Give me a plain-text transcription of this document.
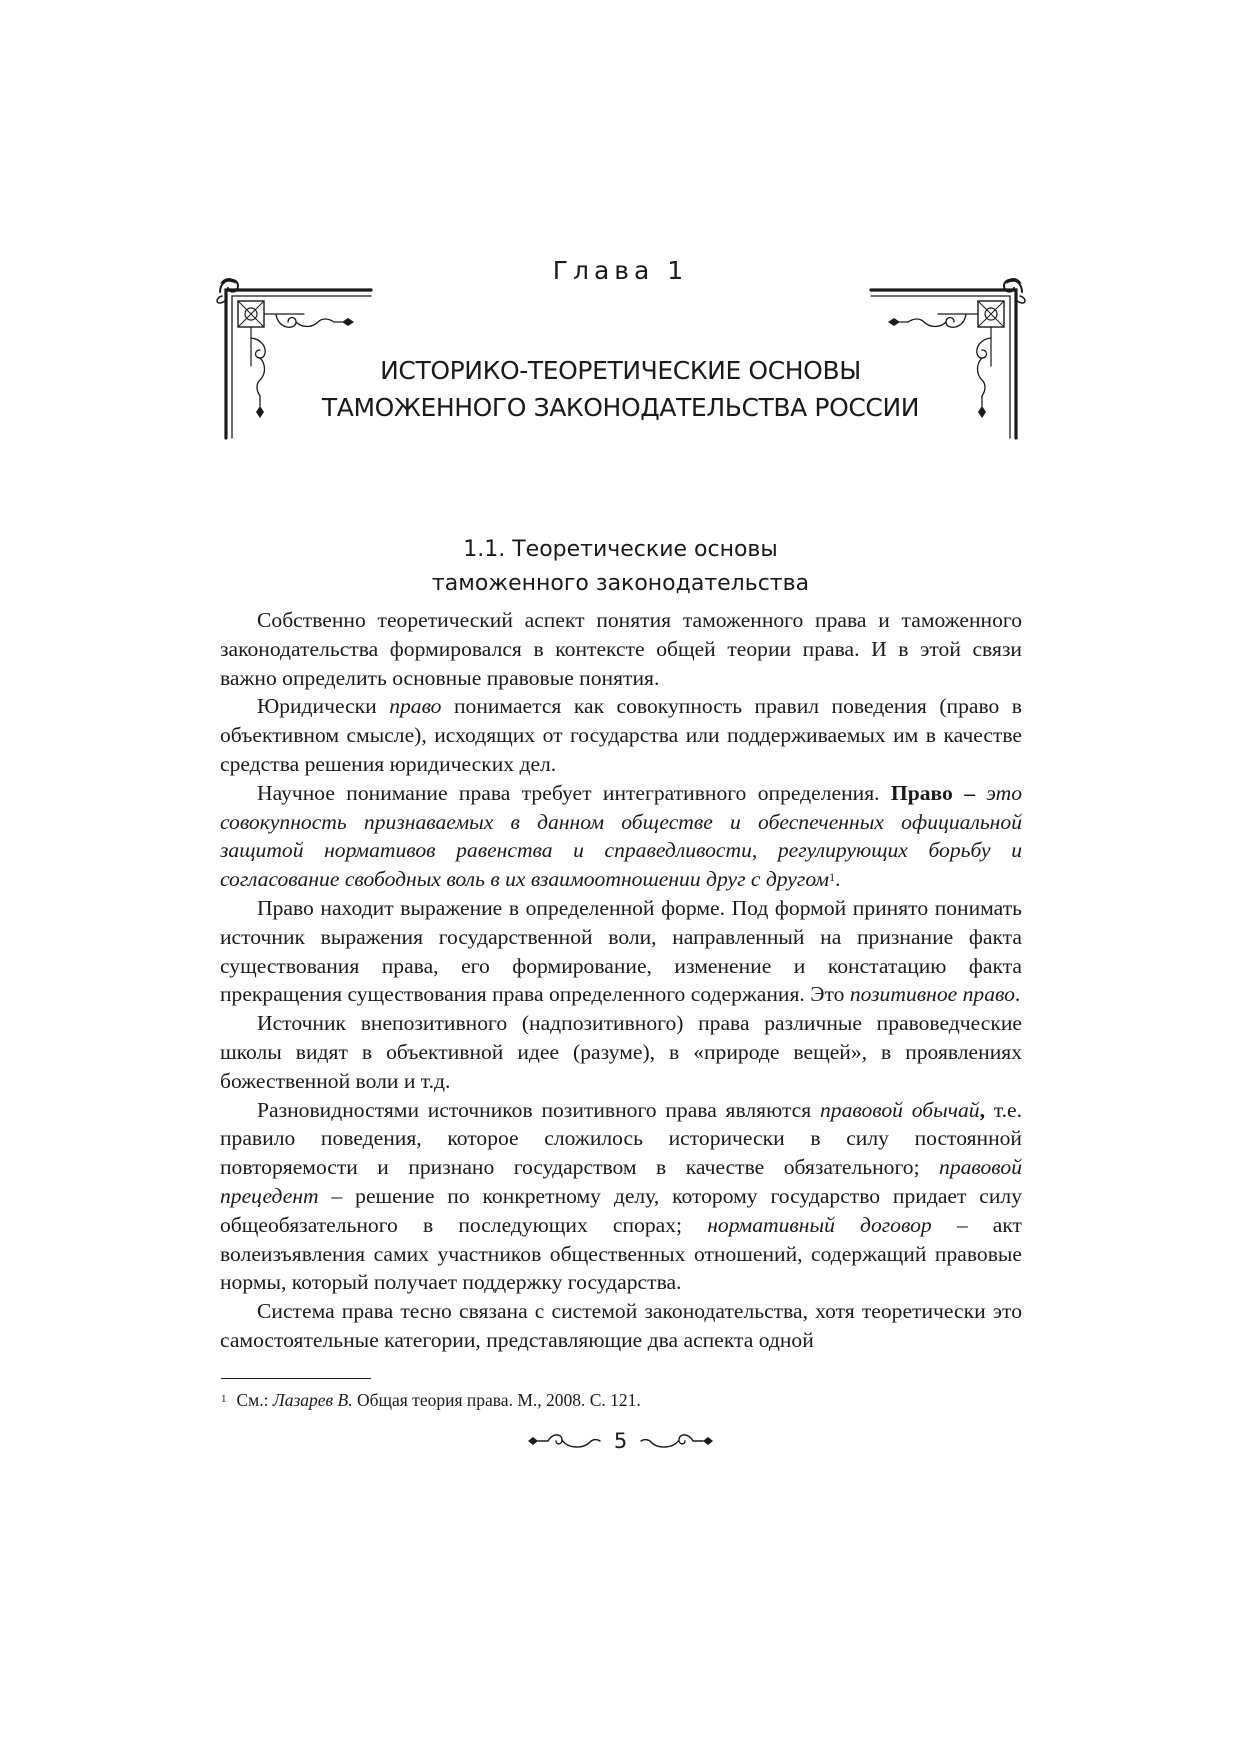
Глава 1
ИСТОРИКО-ТЕОРЕТИЧЕСКИЕ ОСНОВЫ
ТАМОЖЕННОГО ЗАКОНОДАТЕЛЬСТВА РОССИИ
1.1. Теоретические основы
таможенного законодательства

Собственно теоретический аспект понятия таможенного права и таможенного законодательства формировался в контексте общей теории права. И в этой связи важно определить основные правовые понятия.

Юридически право понимается как совокупность правил поведения (право в объективном смысле), исходящих от государства или поддерживаемых им в качестве средства решения юридических дел.

Научное понимание права требует интегративного определения. Право – это совокупность признаваемых в данном обществе и обеспеченных официальной защитой нормативов равенства и справедливости, регулирующих борьбу и согласование свободных воль в их взаимоотношении друг с другом$^1$.

Право находит выражение в определенной форме. Под формой принято понимать источник выражения государственной воли, направленный на признание факта существования права, его формирование, изменение и констатацию факта прекращения существования права определенного содержания. Это позитивное право.

Источник внепозитивного (надпозитивного) права различные правоведческие школы видят в объективной идее (разуме), в «природе вещей», в проявлениях божественной воли и т.д.

Разновидностями источников позитивного права являются правовой обычай, т.е. правило поведения, которое сложилось исторически в силу постоянной повторяемости и признано государством в качестве обязательного; правовой прецедент – решение по конкретному делу, которому государство придает силу общеобязательного в последующих спорах; нормативный договор – акт волеизъявления самих участников общественных отношений, содержащий правовые нормы, который получает поддержку государства.

Система права тесно связана с системой законодательства, хотя теоретически это самостоятельные категории, представляющие два аспекта одной

$^1$ См.: Лазарев В. Общая теория права. М., 2008. С. 121.
5
